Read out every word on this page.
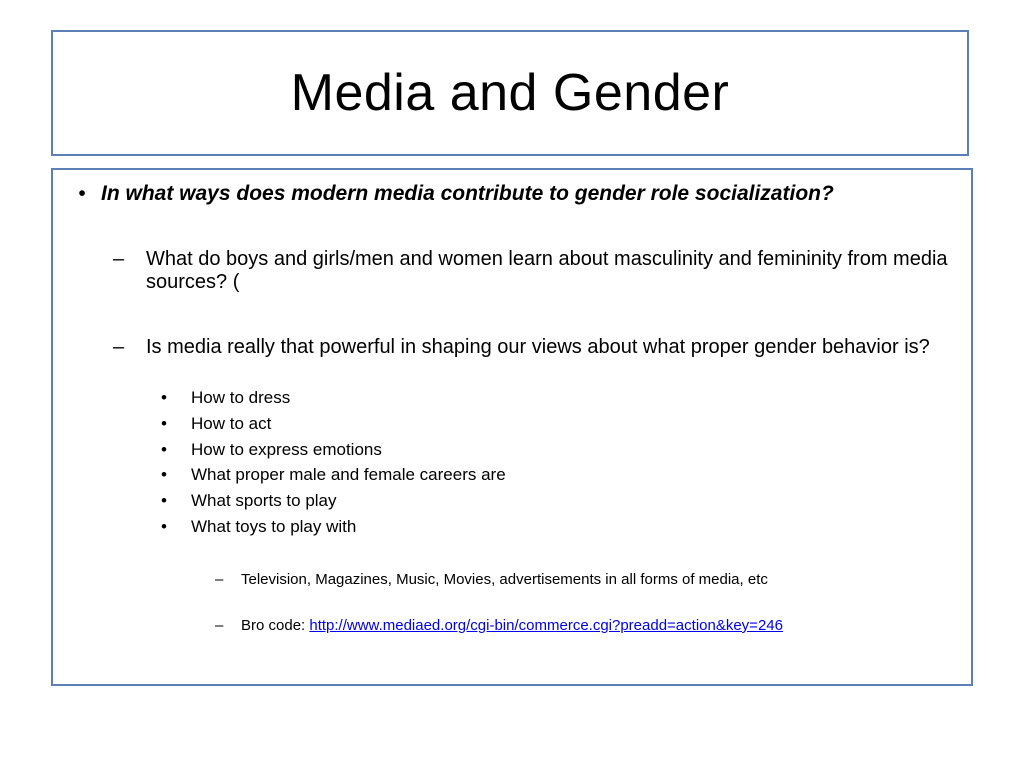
Media and Gender
• In what ways does modern media contribute to gender role socialization?
–	What do boys and girls/men and women learn about masculinity and femininity from media sources? (
–	Is media really that powerful in shaping our views about what proper gender behavior is?
•	How to dress
•	How to act
•	How to express emotions
•	What proper male and female careers are
•	What sports to play
•	What toys to play with
–	Television, Magazines, Music, Movies, advertisements in all forms of media, etc
–	Bro code: http://www.mediaed.org/cgi-bin/commerce.cgi?preadd=action&key=246
